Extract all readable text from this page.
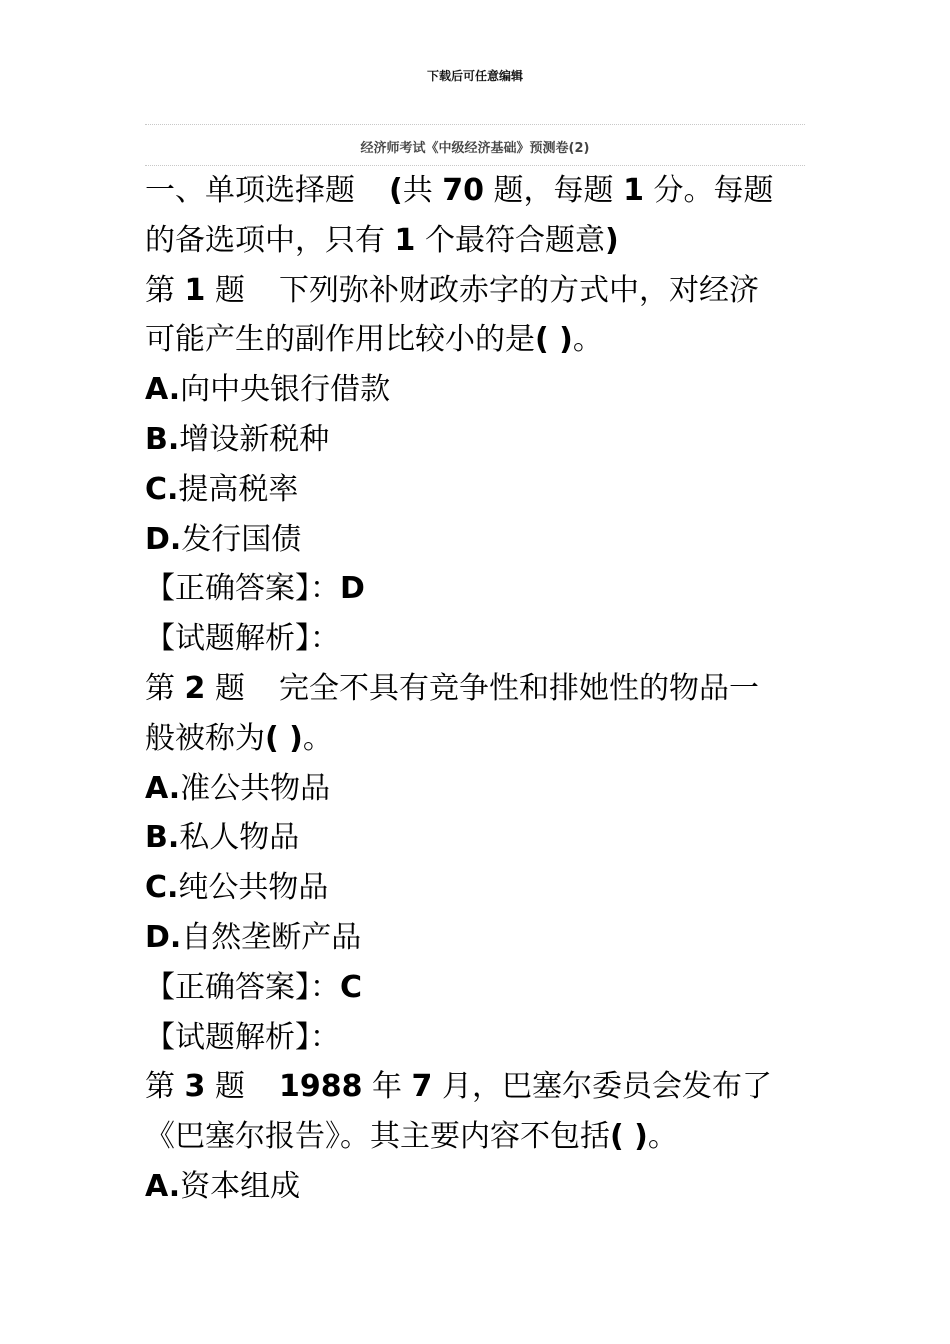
下载后可任意编辑
经济师考试《中级经济基础》预测卷(2)
一、单项选择题 (共 70 题，每题 1 分。每题
的备选项中，只有 1 个最符合题意)
第 1 题 下列弥补财政赤字的方式中，对经济
可能产生的副作用比较小的是( )。
A.向中央银行借款
B.增设新税种
C.提高税率
D.发行国债
【正确答案】：D
【试题解析】：
第 2 题 完全不具有竞争性和排她性的物品一
般被称为( )。
A.准公共物品
B.私人物品
C.纯公共物品
D.自然垄断产品
【正确答案】：C
【试题解析】：
第 3 题 1988 年 7 月，巴塞尔委员会发布了
《巴塞尔报告》。其主要内容不包括( )。
A.资本组成
